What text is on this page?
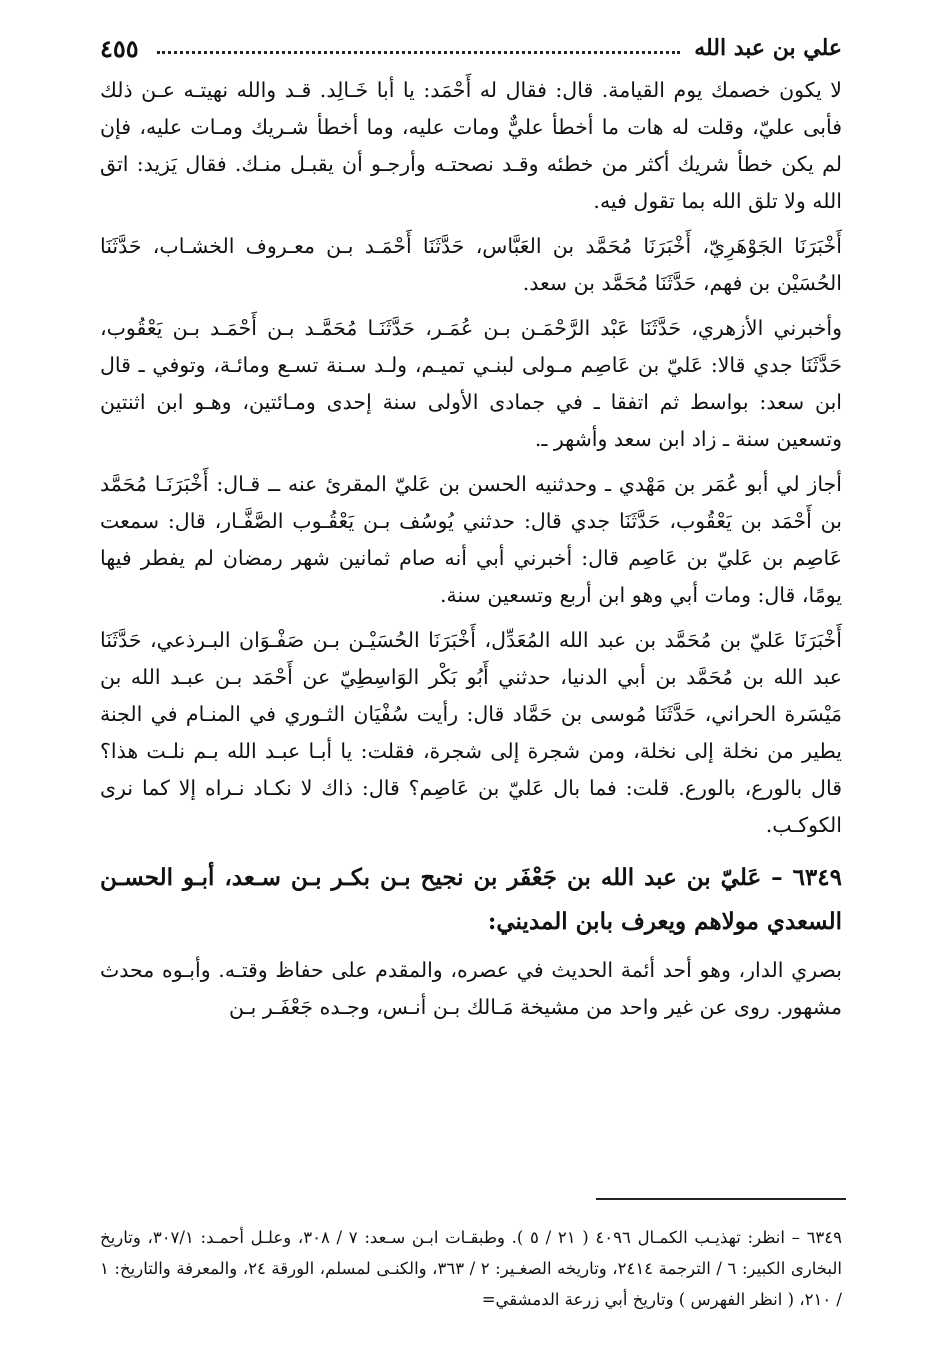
علي بن عبد الله
٤٥٥

لا يكون خصمك يوم القيامة. قال: فقال له أَحْمَد: يا أبا خَـالِد. قـد والله نهيتـه عـن ذلك فأبى عليّ، وقلت له هات ما أخطأ عليٌّ ومات عليه، وما أخطأ شـريك ومـات عليه، فإن لم يكن خطأ شريك أكثر من خطئه وقـد نصحتـه وأرجـو أن يقبـل منـك. فقال يَزيد: اتق الله ولا تلق الله بما تقول فيه.

أَخْبَرَنَا الجَوْهَرِيّ، أَخْبَرَنَا مُحَمَّد بن العَبَّاس، حَدَّثَنَا أَحْمَـد بـن معـروف الخشـاب، حَدَّثَنَا الحُسَيْن بن فهم، حَدَّثَنَا مُحَمَّد بن سعد.

وأخبرني الأزهري، حَدَّثَنَا عَبْد الرَّحْمَـن بـن عُمَـر، حَدَّثَنَـا مُحَمَّـد بـن أَحْمَـد بـن يَعْقُوب، حَدَّثَنَا جدي قالا: عَليّ بن عَاصِم مـولى لبنـي تميـم، ولـد سـنة تسـع ومائـة، وتوفي ـ قال ابن سعد: بواسط ثم اتفقا ـ في جمادى الأولى سنة إحدى ومـائتين، وهـو ابن اثنتين وتسعين سنة ـ زاد ابن سعد وأشهر ـ.

أجاز لي أبو عُمَر بن مَهْدي ـ وحدثنيه الحسن بن عَليّ المقرئ عنه ــ قـال: أَخْبَرَنَـا مُحَمَّد بن أَحْمَد بن يَعْقُوب، حَدَّثَنَا جدي قال: حدثني يُوسُف بـن يَعْقُـوب الصَّفَّـار، قال: سمعت عَاصِم بن عَليّ بن عَاصِم قال: أخبرني أبي أنه صام ثمانين شهر رمضان لم يفطر فيها يومًا، قال: ومات أبي وهو ابن أربع وتسعين سنة.

أَخْبَرَنَا عَليّ بن مُحَمَّد بن عبد الله المُعَدِّل، أَخْبَرَنَا الحُسَيْـن بـن صَفْـوَان البـرذعي، حَدَّثَنَا عبد الله بن مُحَمَّد بن أبي الدنيا، حدثني أَبُو بَكْر الوَاسِطِيّ عن أَحْمَد بـن عبـد الله بن مَيْسَرة الحراني، حَدَّثَنَا مُوسى بن حَمَّاد قال: رأيت سُفْيَان الثـوري في المنـام في الجنة يطير من نخلة إلى نخلة، ومن شجرة إلى شجرة، فقلت: يا أبـا عبـد الله بـم نلـت هذا؟ قال بالورع، بالورع. قلت: فما بال عَليّ بن عَاصِم؟ قال: ذاك لا نكـاد نـراه إلا كما نرى الكوكـب.

٦٣٤٩ – عَليّ بن عبد الله بن جَعْفَر بن نجيح بـن بكـر بـن سـعد، أبـو الحسـن السعدي مولاهم ويعرف بابن المديني:

بصري الدار، وهو أحد أئمة الحديث في عصره، والمقدم على حفاظ وقتـه. وأبـوه محدث مشهور. روى عن غير واحد من مشيخة مَـالك بـن أنـس، وجـده جَعْفَـر بـن

٦٣٤٩ – انظر: تهذيـب الكمـال ٤٠٩٦ ( ٢١ / ٥ ). وطبقـات ابـن سـعد: ٧ / ٣٠٨، وعلـل أحمـد: ٣٠٧/١، وتاريخ البخارى الكبير: ٦ / الترجمة ٢٤١٤، وتاريخه الصغـير: ٢ / ٣٦٣، والكنـى لمسلم، الورقة ٢٤، والمعرفة والتاريخ: ١ / ٢١٠، ( انظر الفهرس ) وتاريخ أبي زرعة الدمشقي=
